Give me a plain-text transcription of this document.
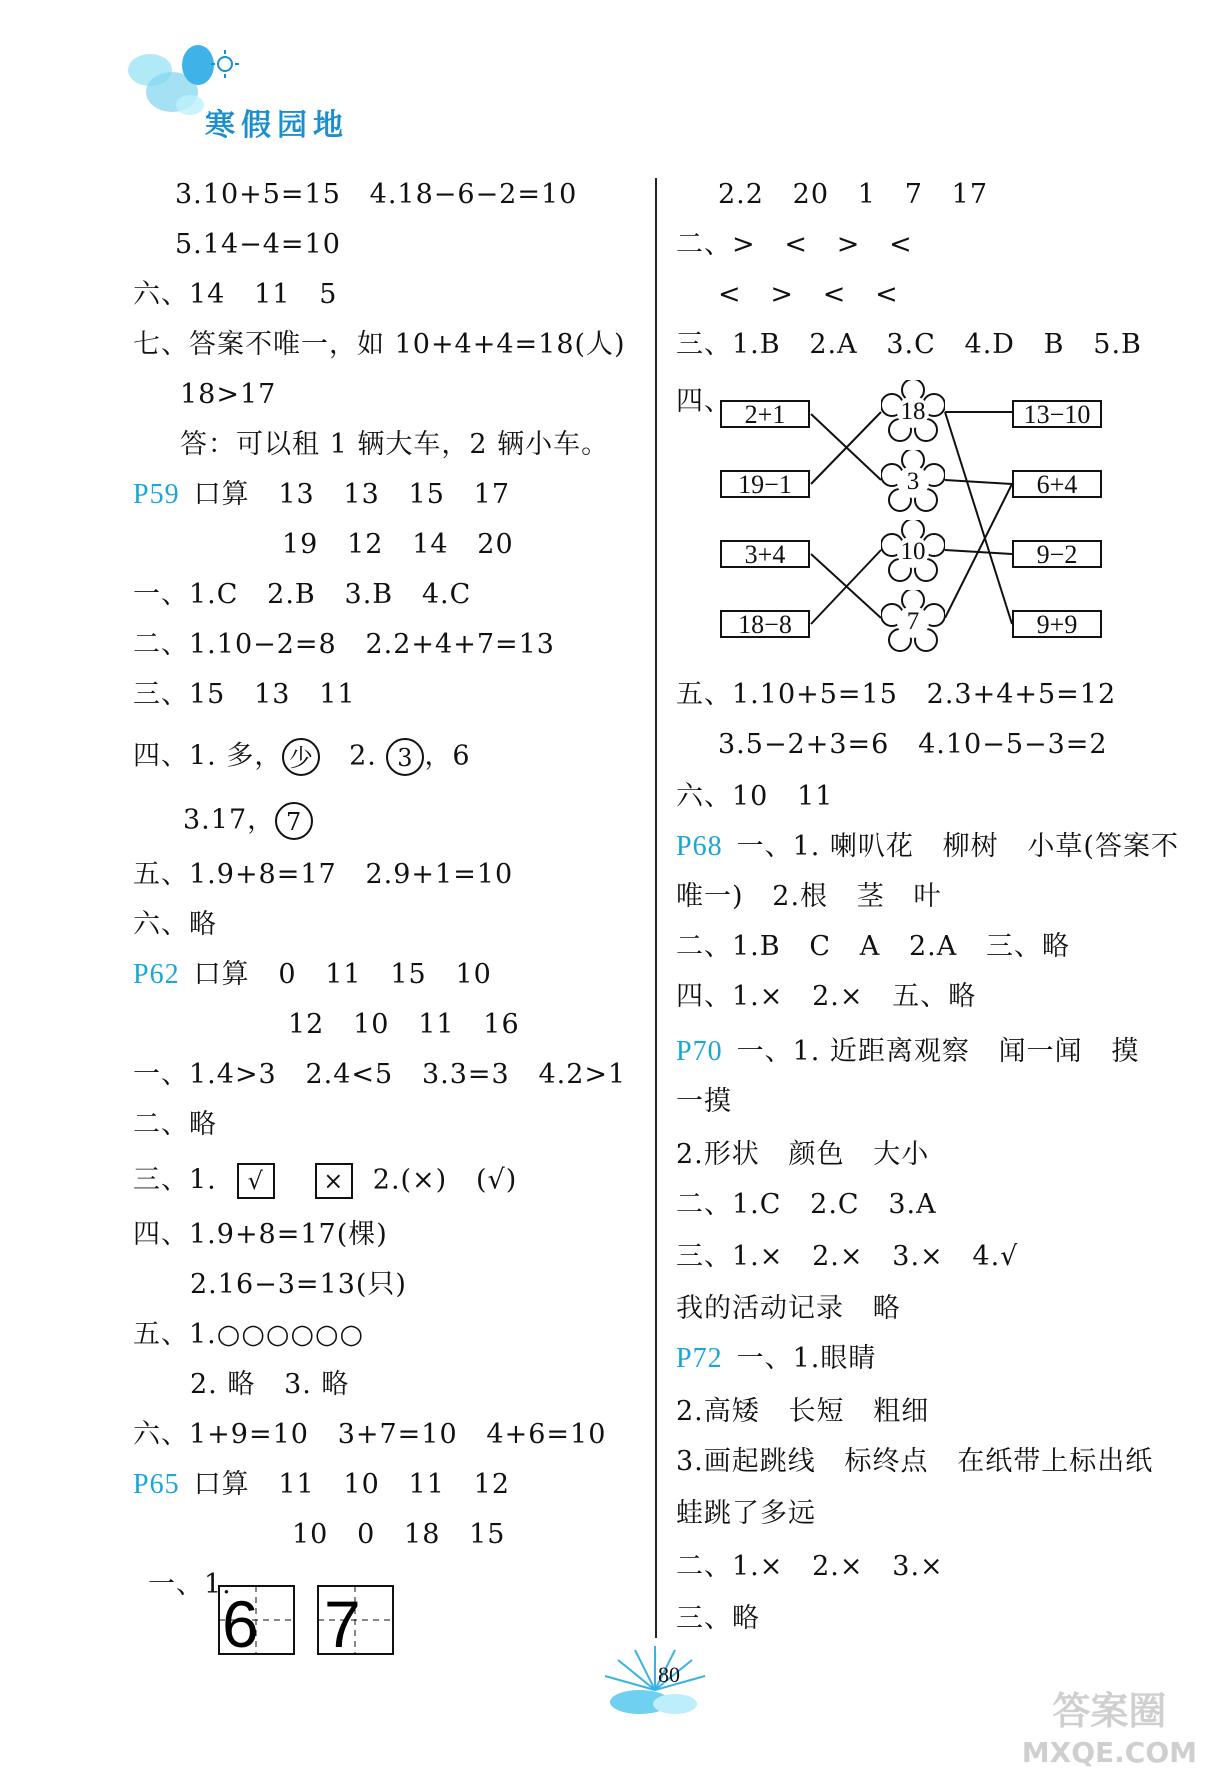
寒假园地
3.10+5=15   4.18−6−2=10
5.14−4=10
六、14   11   5
七、答案不唯一，如 10+4+4=18(人)
18>17
答：可以租 1 辆大车，2 辆小车。
P59 口算   13   13   15   17
19   12   14   20
一、1.C   2.B   3.B   4.C
二、1.10−2=8   2.2+4+7=13
三、15   13   11
四、1. 多， 少   2. 3 ，6
3.17， 7
五、1.9+8=17   2.9+1=10
六、略
P62 口算   0   11   15   10
12   10   11   16
一、1.4>3   2.4<5   3.3=3   4.2>1
二、略
三、1. √ × 2.(×)   (√)
四、1.9+8=17(棵)
2.16−3=13(只)
五、1.○○○○○○
2. 略   3. 略
六、1+9=10   3+7=10   4+6=10
P65 口算   11   10   11   12
10   0   18   15
一、1.
6 7
2.2   20   1   7   17
二、>   <   >   <
<   >   <   <
三、1.B   2.A   3.C   4.D   B   5.B
四、 2+1
19−1
3+4
18−8
18
3
10
7
13−10
6+4
9−2
9+9
五、1.10+5=15   2.3+4+5=12
3.5−2+3=6   4.10−5−3=2
六、10   11
P68 一、1. 喇叭花   柳树   小草(答案不
唯一)   2.根   茎   叶
二、1.B   C   A   2.A   三、略
四、1.×   2.×   五、略
P70 一、1. 近距离观察   闻一闻   摸
一摸
2.形状   颜色   大小
二、1.C   2.C   3.A
三、1.×   2.×   3.×   4.√
我的活动记录   略
P72 一、1.眼睛
2.高矮   长短   粗细
3.画起跳线   标终点   在纸带上标出纸
蛙跳了多远
二、1.×   2.×   3.×
三、略
80
答案圈
MXQE.COM
